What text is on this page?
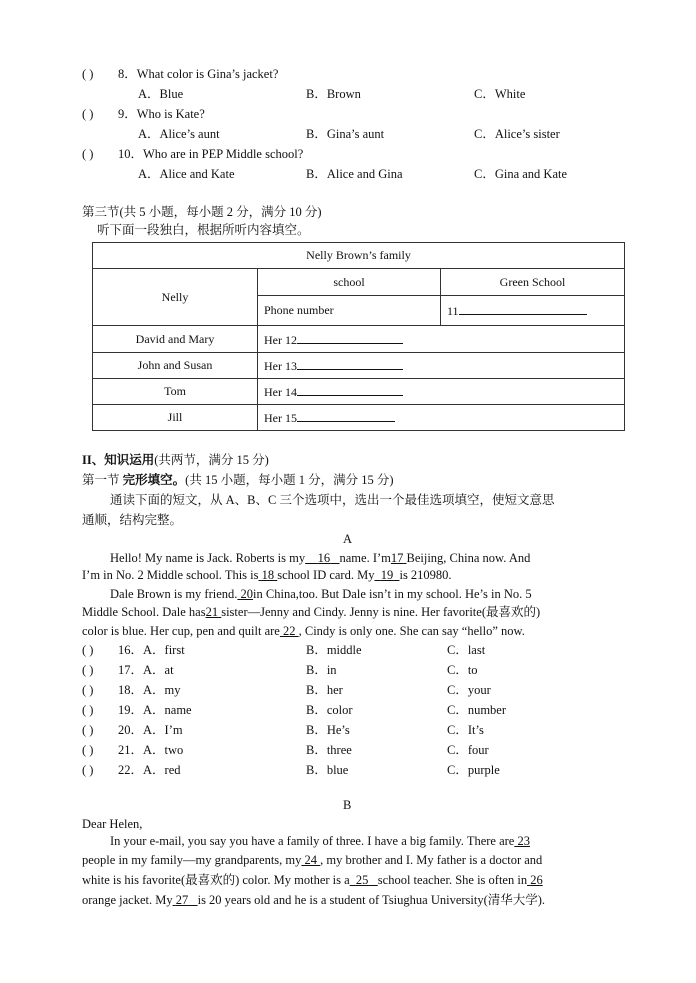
( ) 8．What color is Gina’s jacket?
A．Blue	B．Brown	C．White
( ) 9．Who is Kate?
A．Alice’s aunt	B．Gina’s aunt	C．Alice’s sister
( ) 10．Who are in PEP Middle school?
A．Alice and Kate	B．Alice and Gina	C．Gina and Kate
第三节(共 5 小题，每小题 2 分，满分 10 分)
听下面一段独白，根据所听内容填空。
Nelly Brown’s family		
Nelly	school	Green School
	Phone number	11
David and Mary	Her 12	
John and Susan	Her 13	
Tom	Her 14	
Jill	Her 15	
II、知识运用(共两节，满分 15 分)
第一节 完形填空。(共 15 小题，每小题 1 分，满分 15 分)
通读下面的短文，从 A、B、C 三个选项中，选出一个最佳选项填空，使短文意思
通顺，结构完整。
A
Hello! My name is Jack. Roberts is my 16 name. I’m17 Beijing, China now. And
I’m in No. 2 Middle school. This is 18 school ID card. My 19 is 210980.
Dale Brown is my friend. 20in China,too. But Dale isn’t in my school. He’s in No. 5
Middle School. Dale has21 sister—Jenny and Cindy. Jenny is nine. Her favorite(最喜欢的)
color is blue. Her cup, pen and quilt are 22 , Cindy is only one. She can say “hello” now.
( ) 16．A．first	B．middle	C．last
( ) 17．A．at	B．in	C．to
( ) 18．A．my	B．her	C．your
( ) 19．A．name	B．color	C．number
( ) 20．A．I’m	B．He’s	C．It’s
( ) 21．A．two	B．three	C．four
( ) 22．A．red	B．blue	C．purple
B
Dear Helen,
In your e-mail, you say you have a family of three. I have a big family. There are 23
people in my family—my grandparents, my 24 , my brother and I. My father is a doctor and
white is his favorite(最喜欢的) color. My mother is a 25 school teacher. She is often in 26
orange jacket. My 27 is 20 years old and he is a student of Tsiughua University(清华大学).
